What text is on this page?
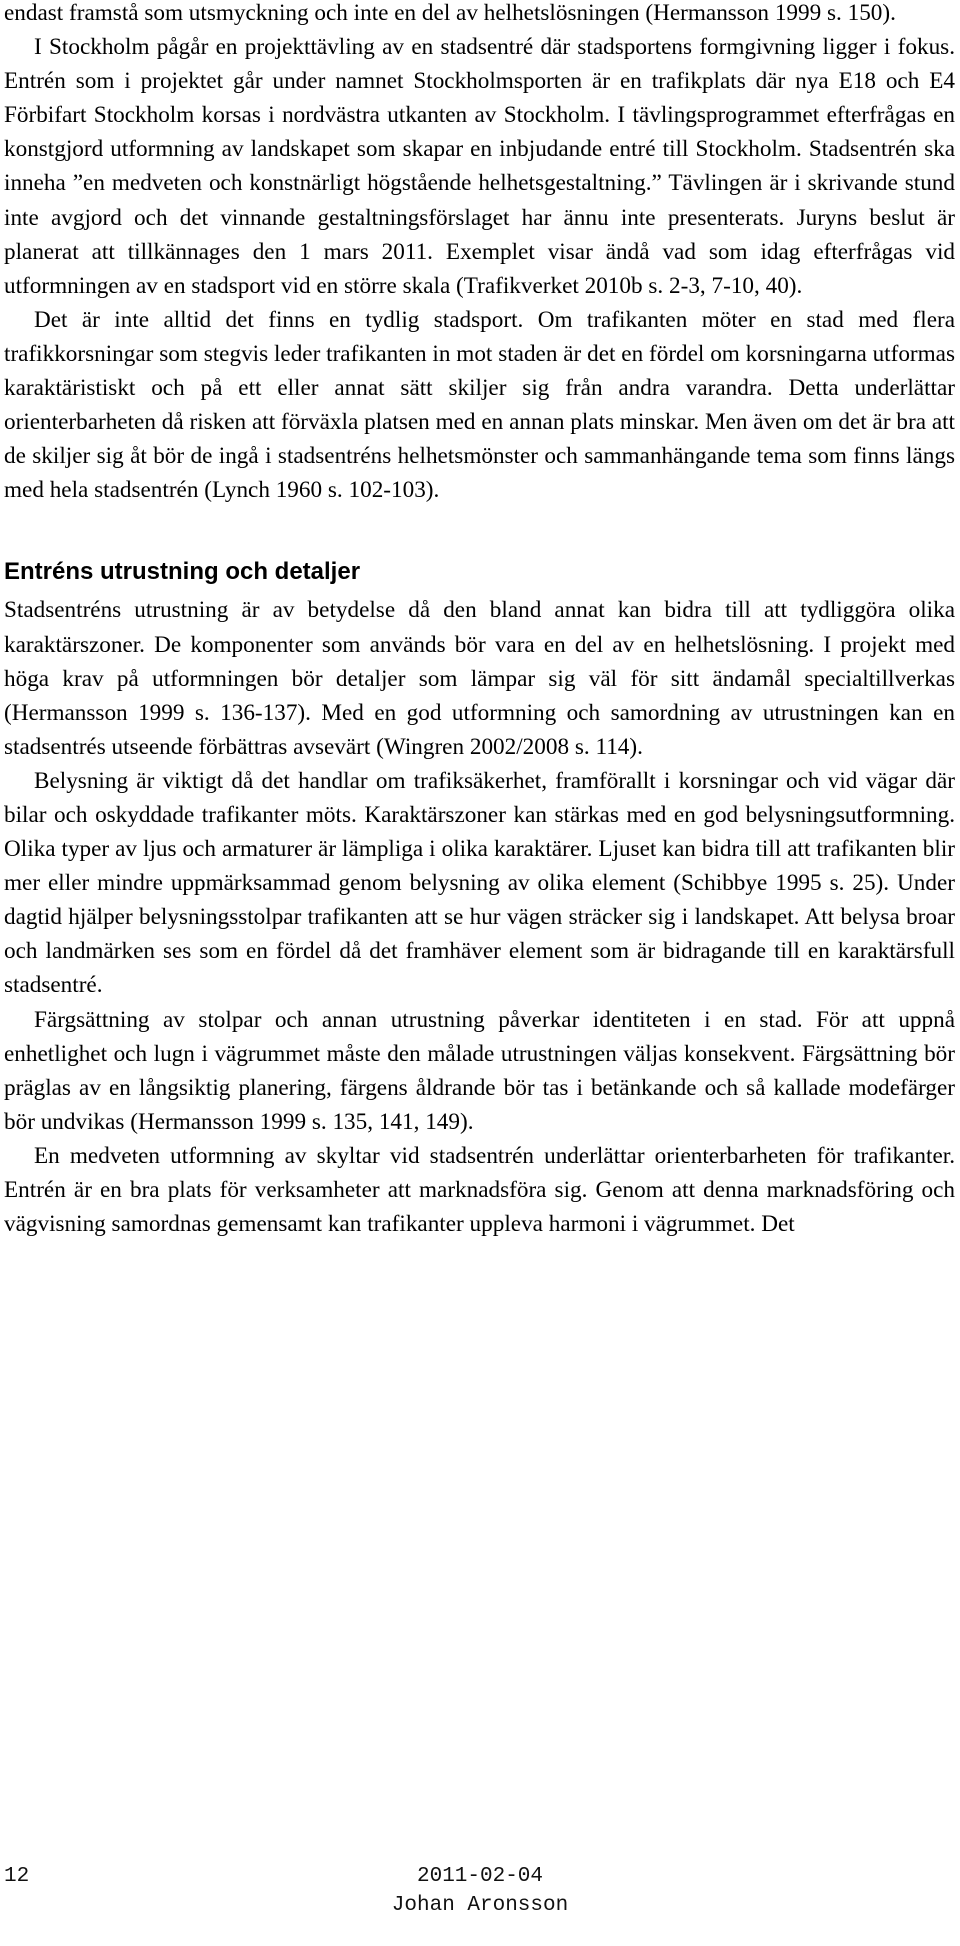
endast framstå som utsmyckning och inte en del av helhetslösningen (Hermansson 1999 s. 150).

I Stockholm pågår en projekttävling av en stadsentré där stadsportens formgivning ligger i fokus. Entrén som i projektet går under namnet Stockholmsporten är en trafikplats där nya E18 och E4 Förbifart Stockholm korsas i nordvästra utkanten av Stockholm. I tävlingsprogrammet efterfrågas en konstgjord utformning av landskapet som skapar en inbjudande entré till Stockholm. Stadsentrén ska inneha ”en medveten och konstnärligt högstående helhetsgestaltning.” Tävlingen är i skrivande stund inte avgjord och det vinnande gestaltningsförslaget har ännu inte presenterats. Juryns beslut är planerat att tillkännages den 1 mars 2011. Exemplet visar ändå vad som idag efterfrågas vid utformningen av en stadsport vid en större skala (Trafikverket 2010b s. 2-3, 7-10, 40).

Det är inte alltid det finns en tydlig stadsport. Om trafikanten möter en stad med flera trafikkorsningar som stegvis leder trafikanten in mot staden är det en fördel om korsningarna utformas karaktäristiskt och på ett eller annat sätt skiljer sig från andra varandra. Detta underlättar orienterbarheten då risken att förväxla platsen med en annan plats minskar. Men även om det är bra att de skiljer sig åt bör de ingå i stadsentréns helhetsmönster och sammanhängande tema som finns längs med hela stadsentrén (Lynch 1960 s. 102-103).

Entréns utrustning och detaljer

Stadsentréns utrustning är av betydelse då den bland annat kan bidra till att tydliggöra olika karaktärszoner. De komponenter som används bör vara en del av en helhetslösning. I projekt med höga krav på utformningen bör detaljer som lämpar sig väl för sitt ändamål specialtillverkas (Hermansson 1999 s. 136-137). Med en god utformning och samordning av utrustningen kan en stadsentrés utseende förbättras avsevärt (Wingren 2002/2008 s. 114).

Belysning är viktigt då det handlar om trafiksäkerhet, framförallt i korsningar och vid vägar där bilar och oskyddade trafikanter möts. Karaktärszoner kan stärkas med en god belysningsutformning. Olika typer av ljus och armaturer är lämpliga i olika karaktärer. Ljuset kan bidra till att trafikanten blir mer eller mindre uppmärksammad genom belysning av olika element (Schibbye 1995 s. 25). Under dagtid hjälper belysningsstolpar trafikanten att se hur vägen sträcker sig i landskapet. Att belysa broar och landmärken ses som en fördel då det framhäver element som är bidragande till en karaktärsfull stadsentré.

Färgsättning av stolpar och annan utrustning påverkar identiteten i en stad. För att uppnå enhetlighet och lugn i vägrummet måste den målade utrustningen väljas konsekvent. Färgsättning bör präglas av en långsiktig planering, färgens åldrande bör tas i betänkande och så kallade modefärger bör undvikas (Hermansson 1999 s. 135, 141, 149).

En medveten utformning av skyltar vid stadsentrén underlättar orienterbarheten för trafikanter. Entrén är en bra plats för verksamheter att marknadsföra sig. Genom att denna marknadsföring och vägvisning samordnas gemensamt kan trafikanter uppleva harmoni i vägrummet. Det

12	2011-02-04
Johan Aronsson
